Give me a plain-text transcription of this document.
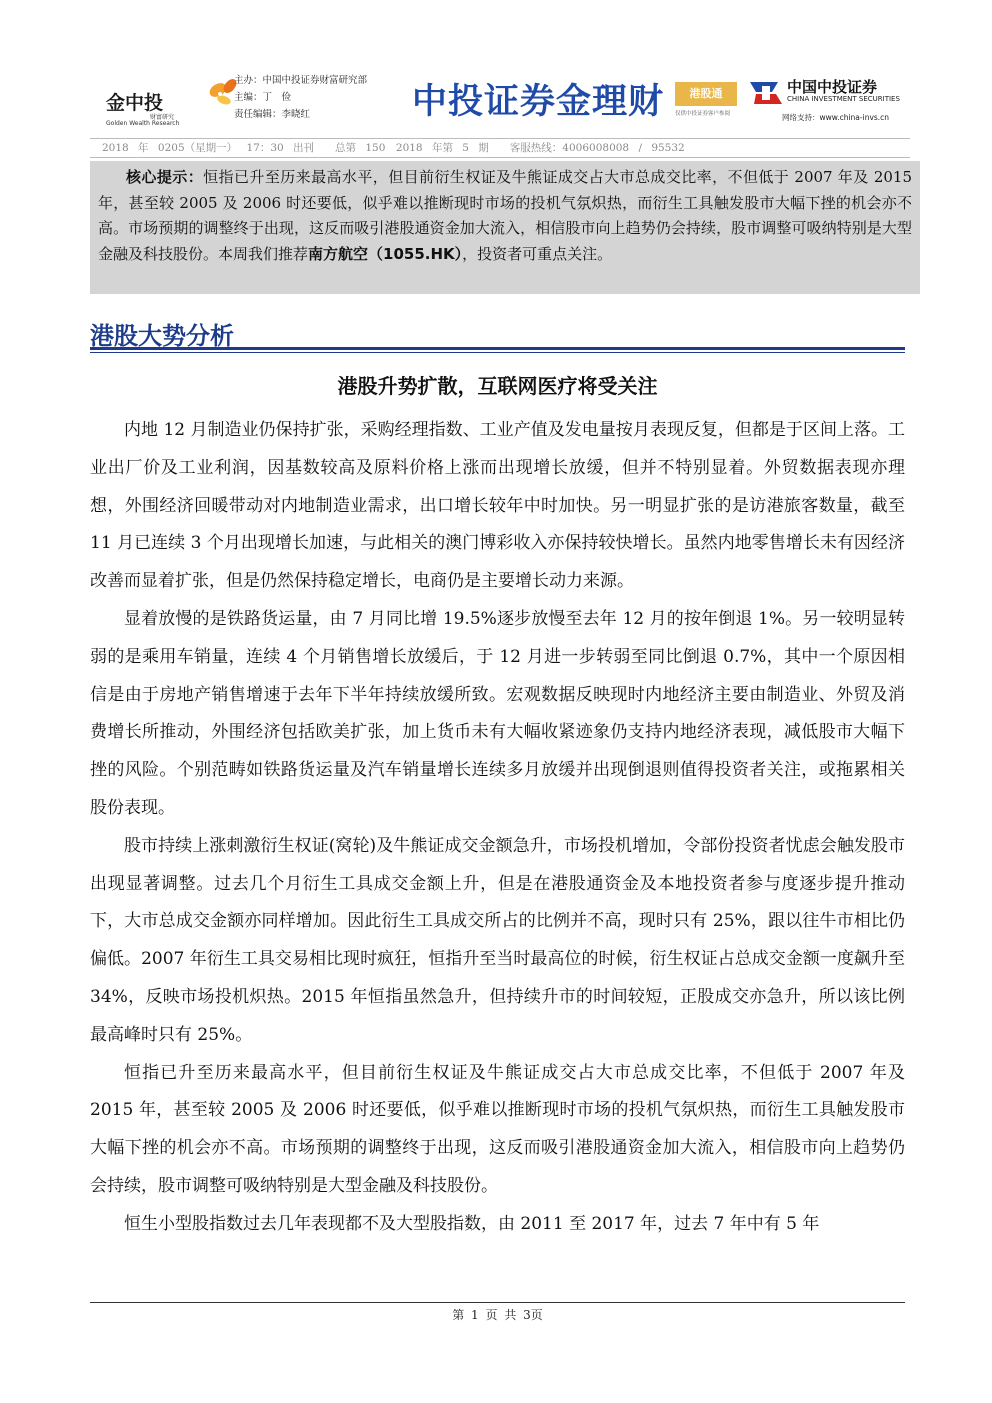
金中投
财富研究
Golden Wealth Research
主办：中国中投证券财富研究部
主编：丁　俭
责任编辑：李晓红	中投证券金理财	港股通
仅供中投证券客户参阅
中国中投证券
CHINA INVESTMENT SECURITIES
网络支持：www.china-invs.cn
2018 年 0205（星期一） 17：30 出刊　　总第 150　2018 年第 5 期　　客服热线：4006008008 / 95532
核心提示：恒指已升至历来最高水平，但目前衍生权证及牛熊证成交占大市总成交比率，不但低于 2007 年及 2015 年，甚至较 2005 及 2006 时还要低，似乎难以推断现时市场的投机气氛炽热，而衍生工具触发股市大幅下挫的机会亦不高。市场预期的调整终于出现，这反而吸引港股通资金加大流入，相信股市向上趋势仍会持续，股市调整可吸纳特别是大型金融及科技股份。本周我们推荐南方航空（1055.HK），投资者可重点关注。
港股大势分析
港股升势扩散，互联网医疗将受关注

内地 12 月制造业仍保持扩张，采购经理指数、工业产值及发电量按月表现反复，但都是于区间上落。工业出厂价及工业利润，因基数较高及原料价格上涨而出现增长放缓，但并不特别显着。外贸数据表现亦理想，外围经济回暖带动对内地制造业需求，出口增长较年中时加快。另一明显扩张的是访港旅客数量，截至 11 月已连续 3 个月出现增长加速，与此相关的澳门博彩收入亦保持较快增长。虽然内地零售增长未有因经济改善而显着扩张，但是仍然保持稳定增长，电商仍是主要增长动力来源。

显着放慢的是铁路货运量，由 7 月同比增 19.5%逐步放慢至去年 12 月的按年倒退 1%。另一较明显转弱的是乘用车销量，连续 4 个月销售增长放缓后，于 12 月进一步转弱至同比倒退 0.7%，其中一个原因相信是由于房地产销售增速于去年下半年持续放缓所致。宏观数据反映现时内地经济主要由制造业、外贸及消费增长所推动，外围经济包括欧美扩张，加上货币未有大幅收紧迹象仍支持内地经济表现，减低股市大幅下挫的风险。个别范畴如铁路货运量及汽车销量增长连续多月放缓并出现倒退则值得投资者关注，或拖累相关股份表现。

股市持续上涨刺激衍生权证(窝轮)及牛熊证成交金额急升，市场投机增加，令部份投资者忧虑会触发股市出现显著调整。过去几个月衍生工具成交金额上升，但是在港股通资金及本地投资者参与度逐步提升推动下，大市总成交金额亦同样增加。因此衍生工具成交所占的比例并不高，现时只有 25%，跟以往牛市相比仍偏低。2007 年衍生工具交易相比现时疯狂，恒指升至当时最高位的时候，衍生权证占总成交金额一度飙升至 34%，反映市场投机炽热。2015 年恒指虽然急升，但持续升市的时间较短，正股成交亦急升，所以该比例最高峰时只有 25%。

恒指已升至历来最高水平，但目前衍生权证及牛熊证成交占大市总成交比率，不但低于 2007 年及 2015 年，甚至较 2005 及 2006 时还要低，似乎难以推断现时市场的投机气氛炽热，而衍生工具触发股市大幅下挫的机会亦不高。市场预期的调整终于出现，这反而吸引港股通资金加大流入，相信股市向上趋势仍会持续，股市调整可吸纳特别是大型金融及科技股份。

恒生小型股指数过去几年表现都不及大型股指数，由 2011 至 2017 年，过去 7 年中有 5 年

第 1 页 共 3页
